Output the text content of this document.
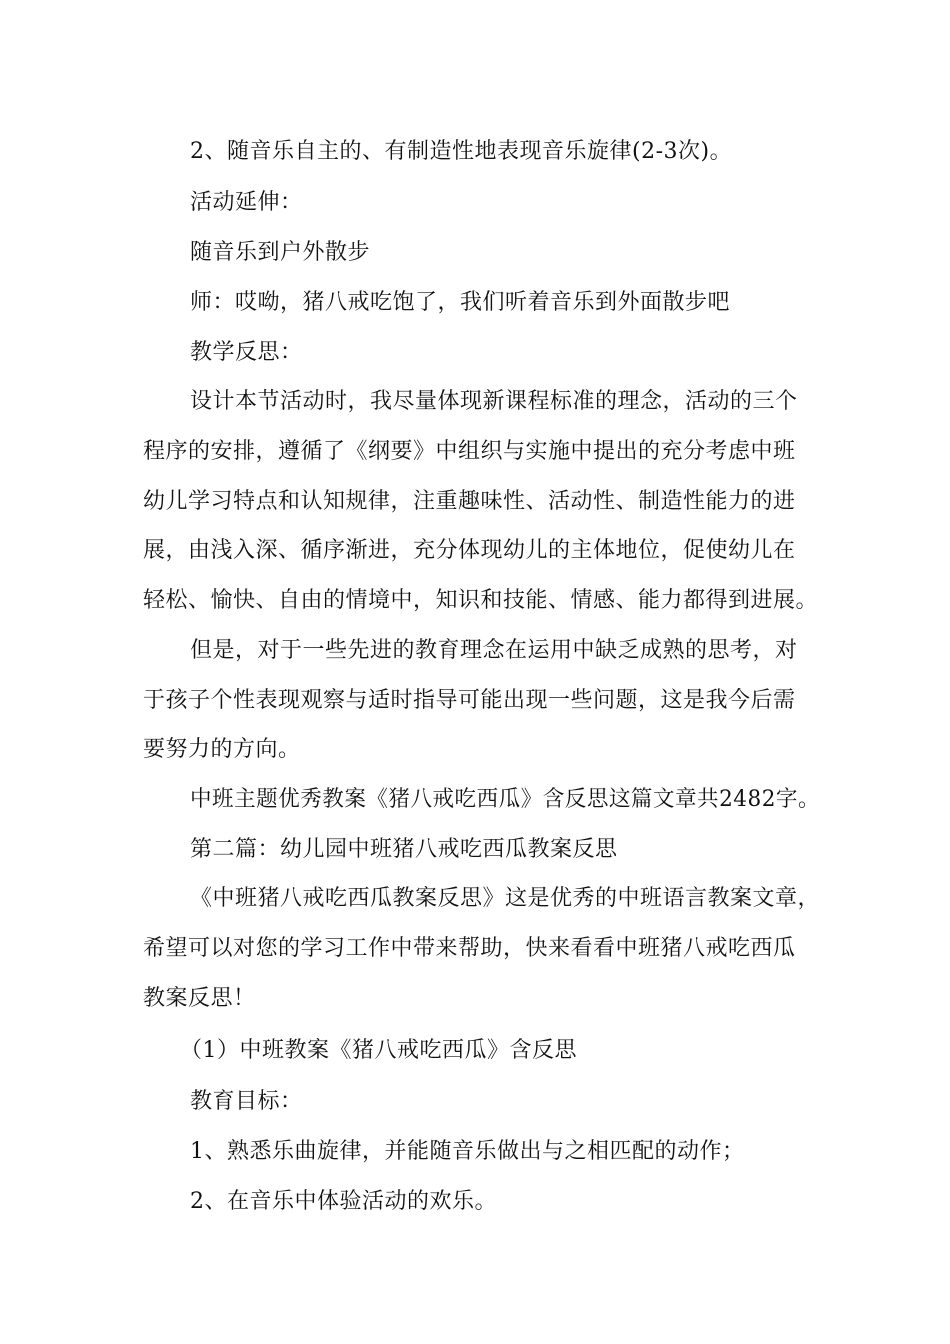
2、随音乐自主的、有制造性地表现音乐旋律(2-3次)。
活动延伸：
随音乐到户外散步
师：哎呦，猪八戒吃饱了，我们听着音乐到外面散步吧
教学反思：
设计本节活动时，我尽量体现新课程标准的理念，活动的三个
程序的安排，遵循了《纲要》中组织与实施中提出的充分考虑中班
幼儿学习特点和认知规律，注重趣味性、活动性、制造性能力的进
展，由浅入深、循序渐进，充分体现幼儿的主体地位，促使幼儿在
轻松、愉快、自由的情境中，知识和技能、情感、能力都得到进展。
但是，对于一些先进的教育理念在运用中缺乏成熟的思考，对
于孩子个性表现观察与适时指导可能出现一些问题，这是我今后需
要努力的方向。
中班主题优秀教案《猪八戒吃西瓜》含反思这篇文章共2482字。
第二篇：幼儿园中班猪八戒吃西瓜教案反思
《中班猪八戒吃西瓜教案反思》这是优秀的中班语言教案文章，
希望可以对您的学习工作中带来帮助，快来看看中班猪八戒吃西瓜
教案反思！
（1）中班教案《猪八戒吃西瓜》含反思
教育目标：
1、熟悉乐曲旋律，并能随音乐做出与之相匹配的动作；
2、在音乐中体验活动的欢乐。
